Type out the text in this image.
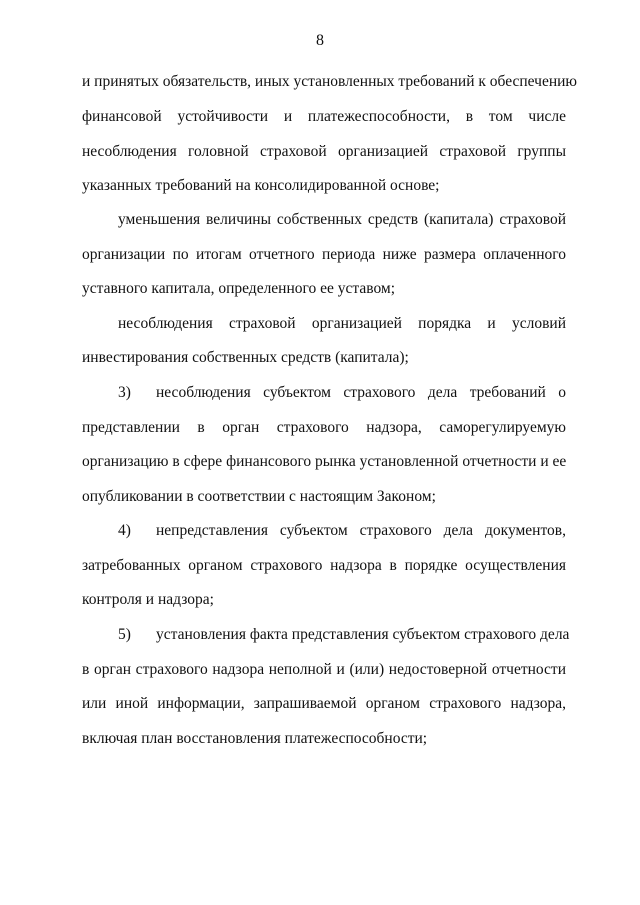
8
и принятых обязательств, иных установленных требований к обеспечению
финансовой устойчивости и платежеспособности, в том числе
несоблюдения головной страховой организацией страховой группы
указанных требований на консолидированной основе;
уменьшения величины собственных средств (капитала) страховой
организации по итогам отчетного периода ниже размера оплаченного
уставного капитала, определенного ее уставом;
несоблюдения страховой организацией порядка и условий
инвестирования собственных средств (капитала);
3) несоблюдения субъектом страхового дела требований о
представлении в орган страхового надзора, саморегулируемую
организацию в сфере финансового рынка установленной отчетности и ее
опубликовании в соответствии с настоящим Законом;
4) непредставления субъектом страхового дела документов,
затребованных органом страхового надзора в порядке осуществления
контроля и надзора;
5) установления факта представления субъектом страхового дела
в орган страхового надзора неполной и (или) недостоверной отчетности
или иной информации, запрашиваемой органом страхового надзора,
включая план восстановления платежеспособности;
